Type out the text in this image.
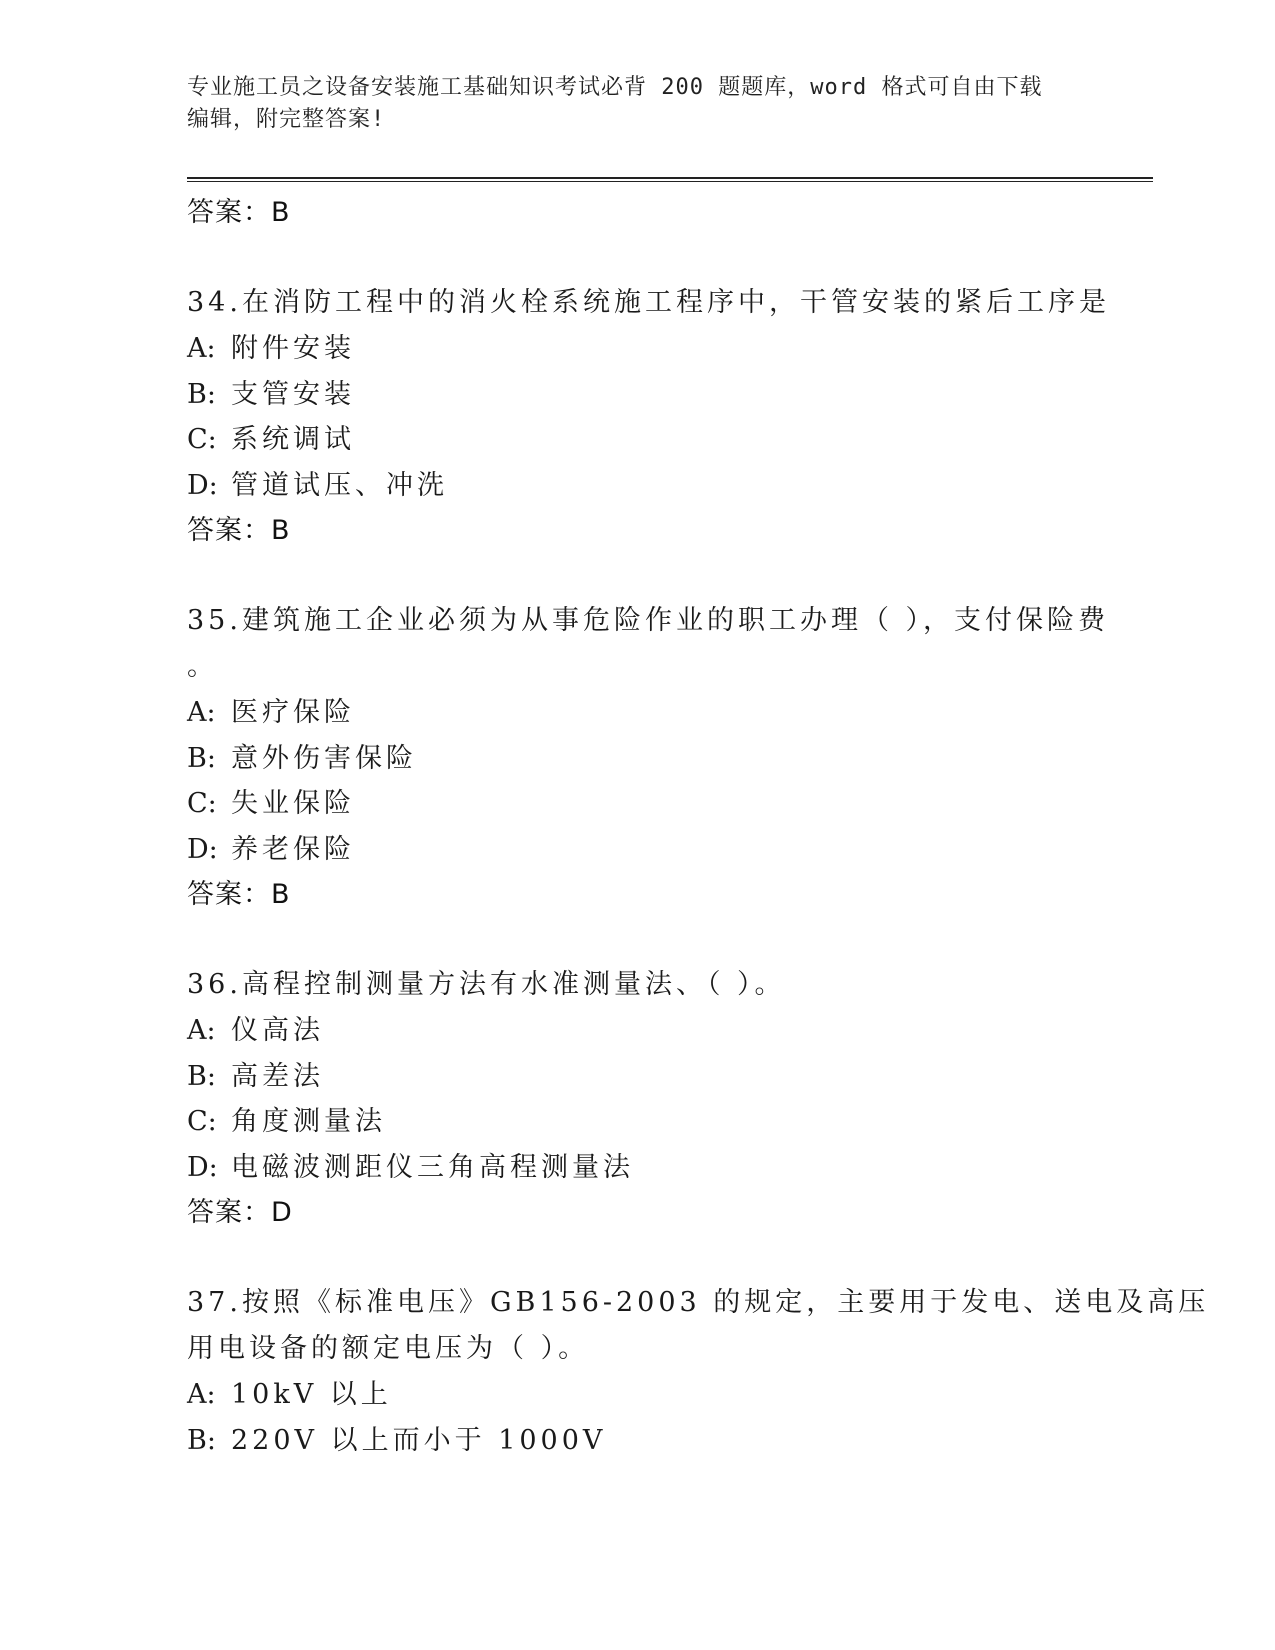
专业施工员之设备安装施工基础知识考试必背 200 题题库，word 格式可自由下载
编辑，附完整答案!
答案：B
34.在消防工程中的消火栓系统施工程序中，干管安装的紧后工序是
A: 附件安装
B: 支管安装
C: 系统调试
D: 管道试压、冲洗
答案：B
35.建筑施工企业必须为从事危险作业的职工办理（ ），支付保险费
。
A: 医疗保险
B: 意外伤害保险
C: 失业保险
D: 养老保险
答案：B
36.高程控制测量方法有水准测量法、（ ）。
A: 仪高法
B: 高差法
C: 角度测量法
D: 电磁波测距仪三角高程测量法
答案：D
37.按照《标准电压》GB156-2003 的规定，主要用于发电、送电及高压
用电设备的额定电压为（ ）。
A: 10kV 以上
B: 220V 以上而小于 1000V
